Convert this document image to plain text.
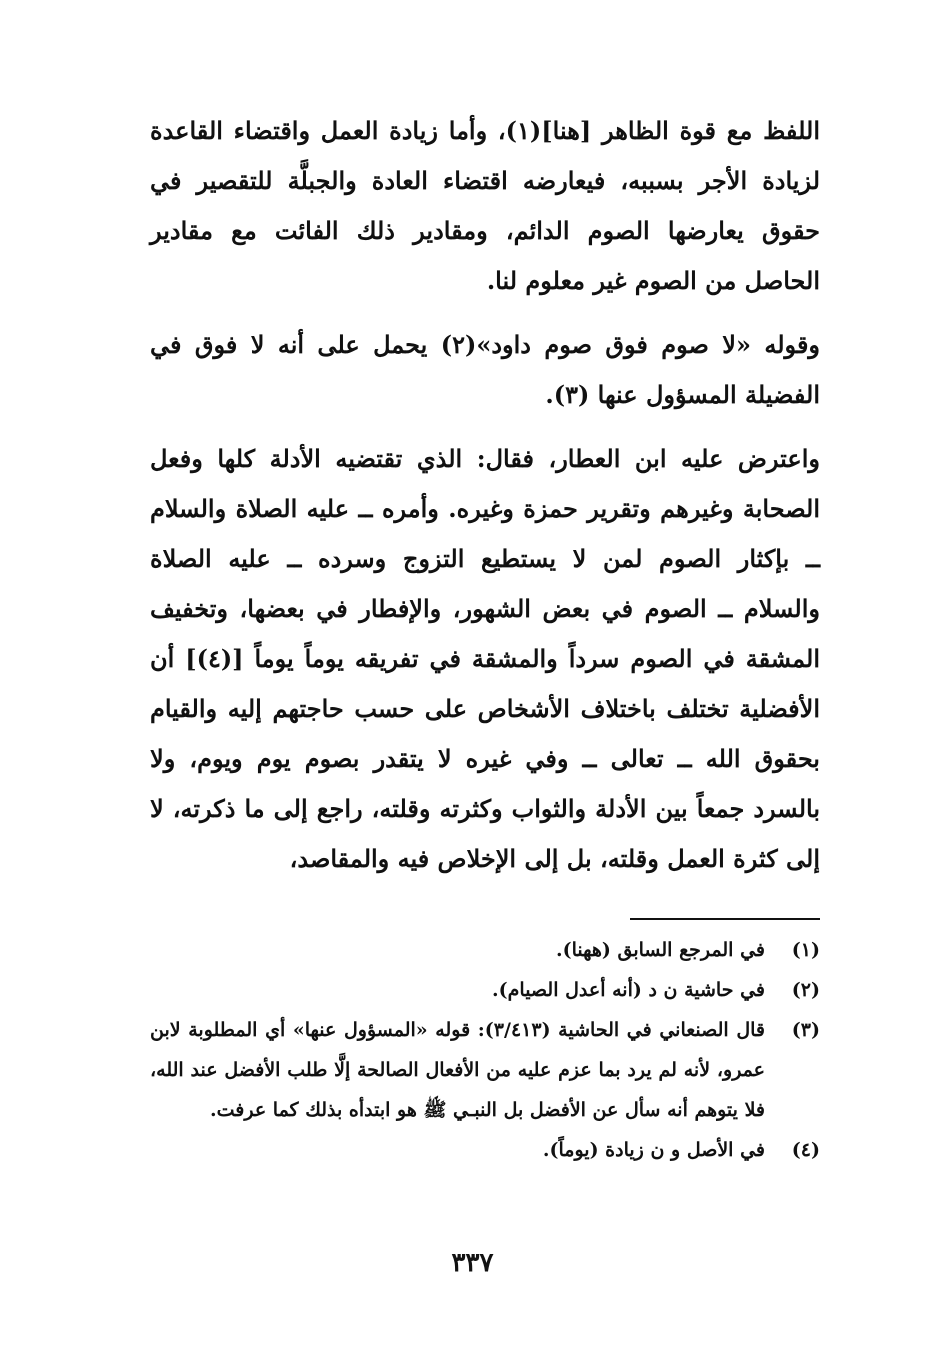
اللفظ مع قوة الظاهر [هنا](١)، وأما زيادة العمل واقتضاء القاعدة لزيادة الأجر بسببه، فيعارضه اقتضاء العادة والجبلَّة للتقصير في حقوق يعارضها الصوم الدائم، ومقادير ذلك الفائت مع مقادير الحاصل من الصوم غير معلوم لنا.

وقوله «لا صوم فوق صوم داود»(٢) يحمل على أنه لا فوق في الفضيلة المسؤول عنها (٣).

واعترض عليه ابن العطار، فقال: الذي تقتضيه الأدلة كلها وفعل الصحابة وغيرهم وتقرير حمزة وغيره. وأمره ــ عليه الصلاة والسلام ــ بإكثار الصوم لمن لا يستطيع التزوج وسرده ــ عليه الصلاة والسلام ــ الصوم في بعض الشهور، والإفطار في بعضها، وتخفيف المشقة في الصوم سرداً والمشقة في تفريقه يوماً يوماً [(٤)] أن الأفضلية تختلف باختلاف الأشخاص على حسب حاجتهم إليه والقيام بحقوق الله ــ تعالى ــ وفي غيره لا يتقدر بصوم يوم ويوم، ولا بالسرد جمعاً بين الأدلة والثواب وكثرته وقلته، راجع إلى ما ذكرته، لا إلى كثرة العمل وقلته، بل إلى الإخلاص فيه والمقاصد،

(١)
في المرجع السابق (ههنا).
(٢)
في حاشية ن د (أنه أعدل الصيام).
(٣)
قال الصنعاني في الحاشية (٣/٤١٣): قوله «المسؤول عنها» أي المطلوبة لابن عمرو، لأنه لم يرد بما عزم عليه من الأفعال الصالحة إلَّا طلب الأفضل عند الله، فلا يتوهم أنه سأل عن الأفضل بل النبـي ﷺ هو ابتدأه بذلك كما عرفت.
(٤)
في الأصل و ن زيادة (يوماً).
٣٣٧
